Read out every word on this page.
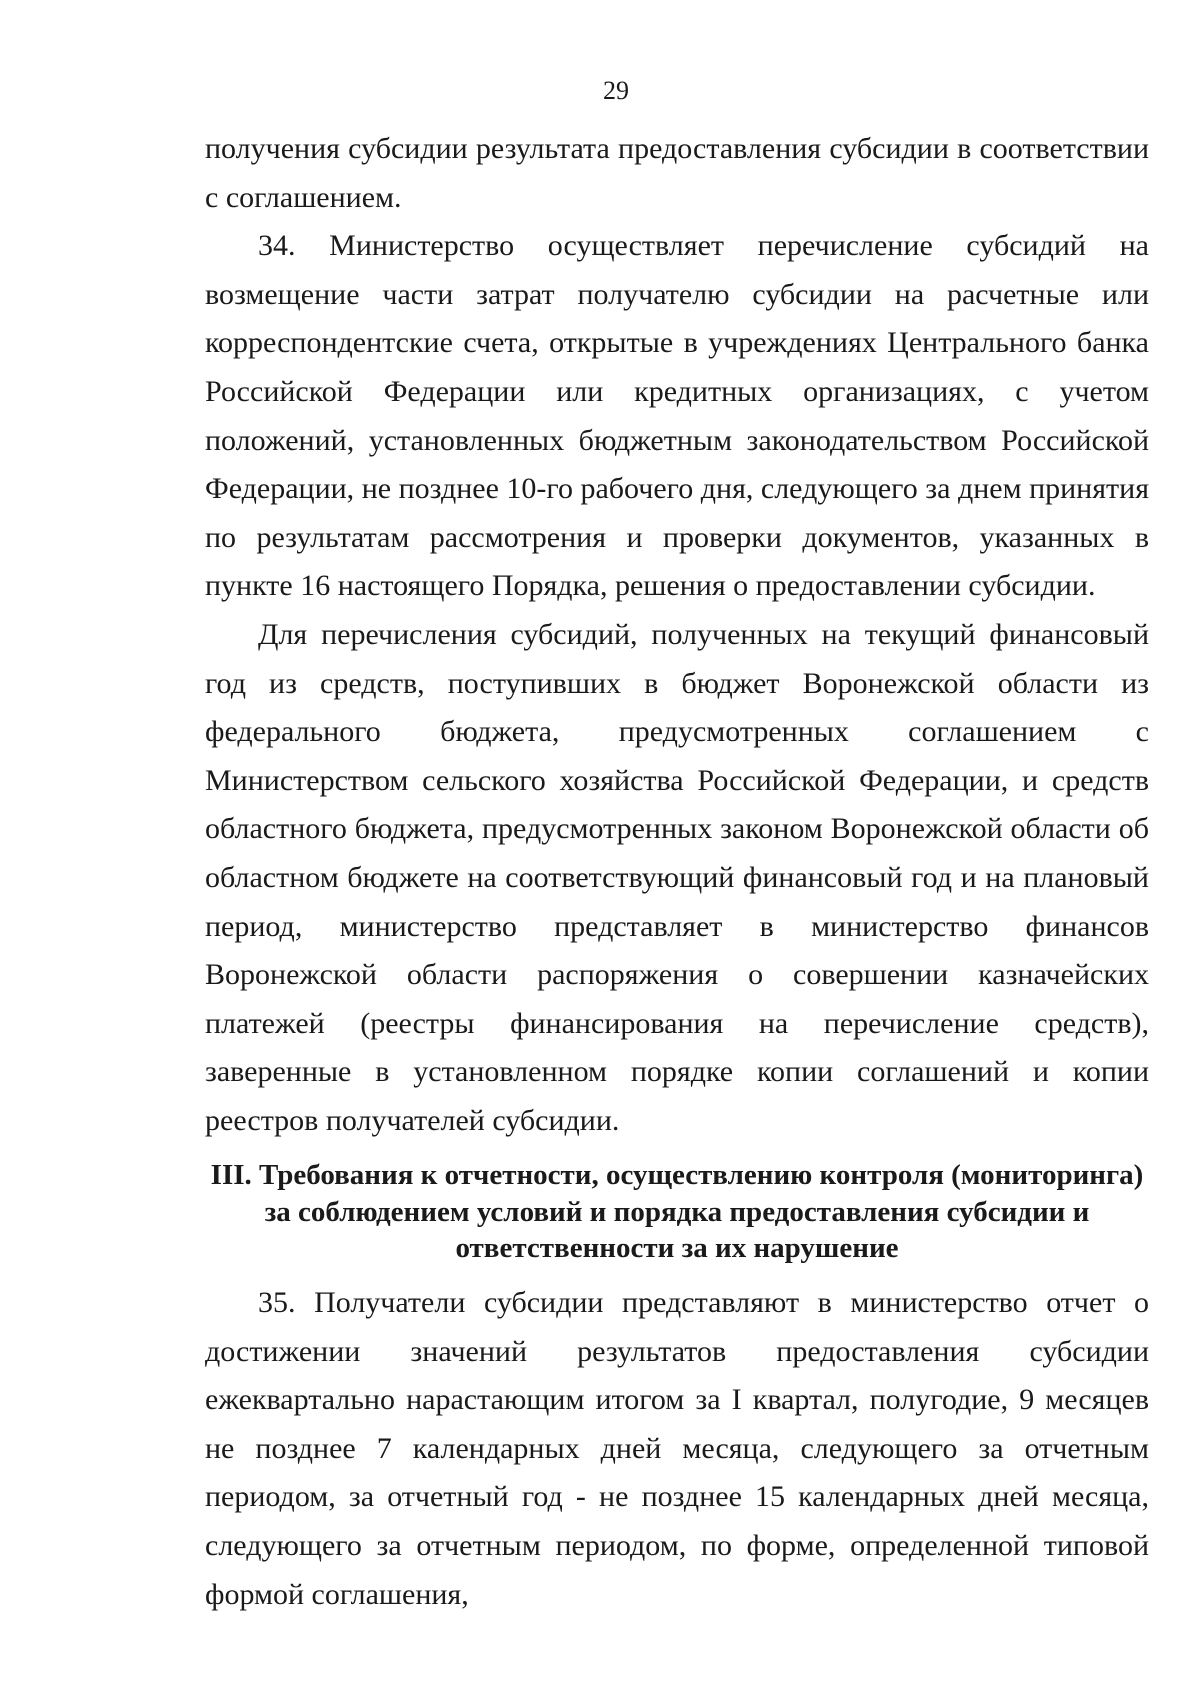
29

получения субсидии результата предоставления субсидии в соответствии с соглашением.

34. Министерство осуществляет перечисление субсидий на возмещение части затрат получателю субсидии на расчетные или корреспондентские счета, открытые в учреждениях Центрального банка Российской Федерации или кредитных организациях, с учетом положений, установленных бюджетным законодательством Российской Федерации, не позднее 10-го рабочего дня, следующего за днем принятия по результатам рассмотрения и проверки документов, указанных в пункте 16 настоящего Порядка, решения о предоставлении субсидии.

Для перечисления субсидий, полученных на текущий финансовый год из средств, поступивших в бюджет Воронежской области из федерального бюджета, предусмотренных соглашением с Министерством сельского хозяйства Российской Федерации, и средств областного бюджета, предусмотренных законом Воронежской области об областном бюджете на соответствующий финансовый год и на плановый период, министерство представляет в министерство финансов Воронежской области распоряжения о совершении казначейских платежей (реестры финансирования на перечисление средств), заверенные в установленном порядке копии соглашений и копии реестров получателей субсидии.

III. Требования к отчетности, осуществлению контроля (мониторинга)
за соблюдением условий и порядка предоставления субсидии и
ответственности за их нарушение

35. Получатели субсидии представляют в министерство отчет о достижении значений результатов предоставления субсидии ежеквартально нарастающим итогом за I квартал, полугодие, 9 месяцев не позднее 7 календарных дней месяца, следующего за отчетным периодом, за отчетный год - не позднее 15 календарных дней месяца, следующего за отчетным периодом, по форме, определенной типовой формой соглашения,
